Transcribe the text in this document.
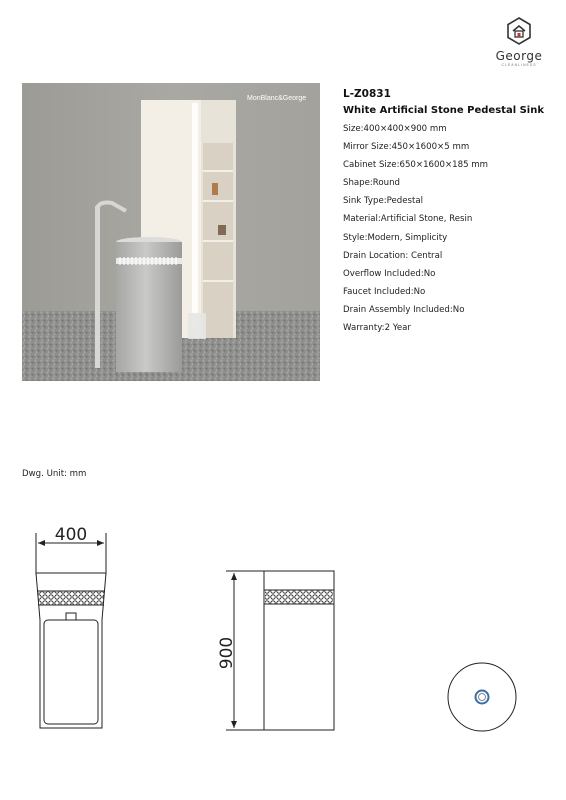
George
CLEANLINESS
MonBlanc&George	L-Z0831
White Artificial Stone Pedestal Sink
Size:400×400×900 mm
Mirror Size:450×1600×5 mm
Cabinet Size:650×1600×185 mm
Shape:Round
Sink Type:Pedestal
Material:Artificial Stone, Resin
Style:Modern, Simplicity
Drain Location: Central
Overflow Included:No
Faucet Included:No
Drain Assembly Included:No
Warranty:2 Year
Dwg. Unit: mm
400
900
